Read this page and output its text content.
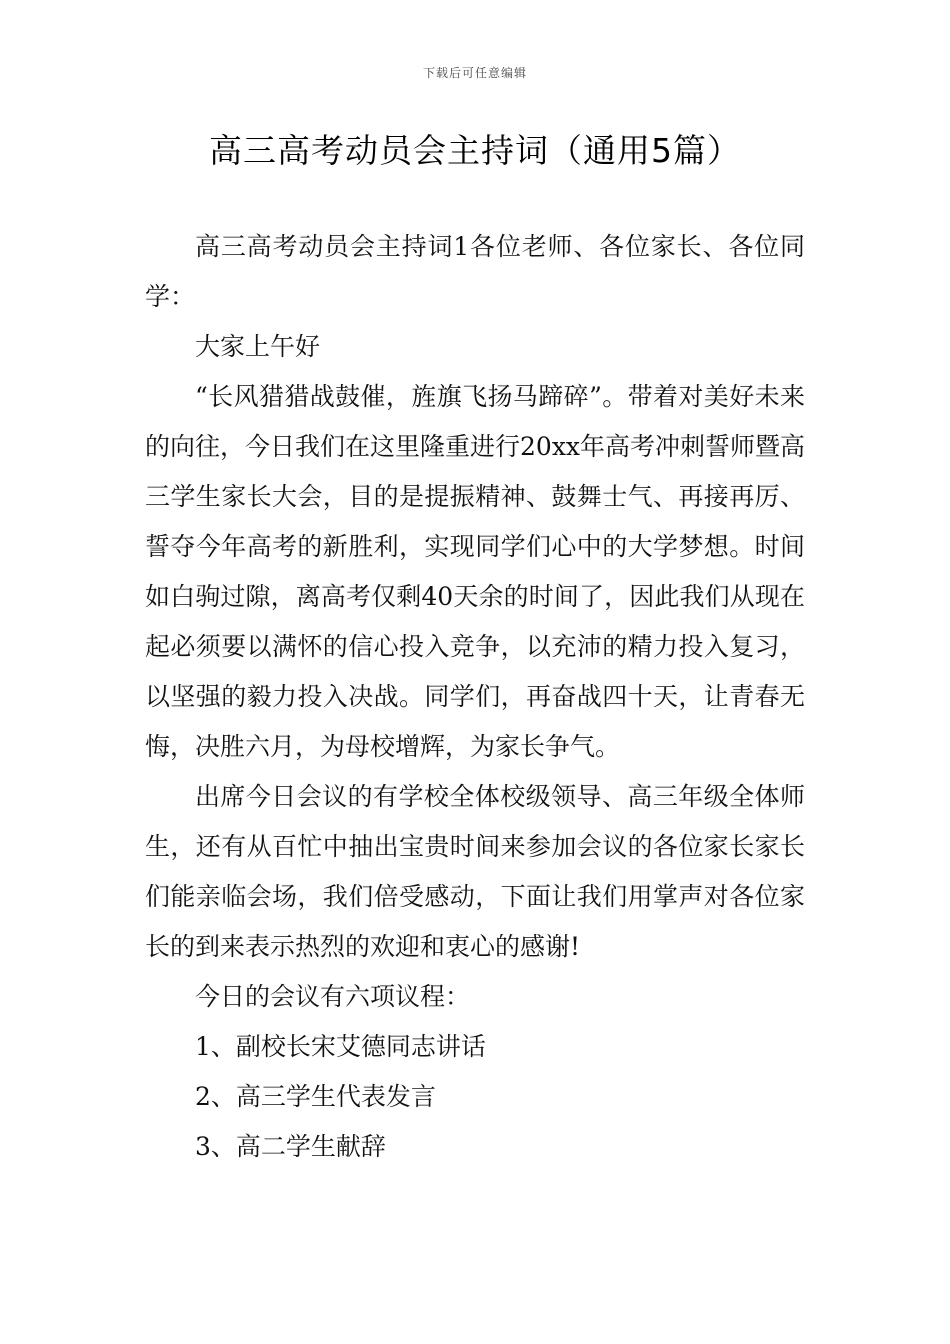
下载后可任意编辑
高三高考动员会主持词（通用5篇）

高三高考动员会主持词1各位老师、各位家长、各位同学：

大家上午好

“长风猎猎战鼓催，旌旗飞扬马蹄碎”。带着对美好未来的向往，今日我们在这里隆重进行20xx年高考冲刺誓师暨高三学生家长大会，目的是提振精神、鼓舞士气、再接再厉、誓夺今年高考的新胜利，实现同学们心中的大学梦想。时间如白驹过隙，离高考仅剩40天余的时间了，因此我们从现在起必须要以满怀的信心投入竞争，以充沛的精力投入复习，以坚强的毅力投入决战。同学们，再奋战四十天，让青春无悔，决胜六月，为母校增辉，为家长争气。

出席今日会议的有学校全体校级领导、高三年级全体师生，还有从百忙中抽出宝贵时间来参加会议的各位家长家长们能亲临会场，我们倍受感动，下面让我们用掌声对各位家长的到来表示热烈的欢迎和衷心的感谢!

今日的会议有六项议程：

1、副校长宋艾德同志讲话

2、高三学生代表发言

3、高二学生献辞
